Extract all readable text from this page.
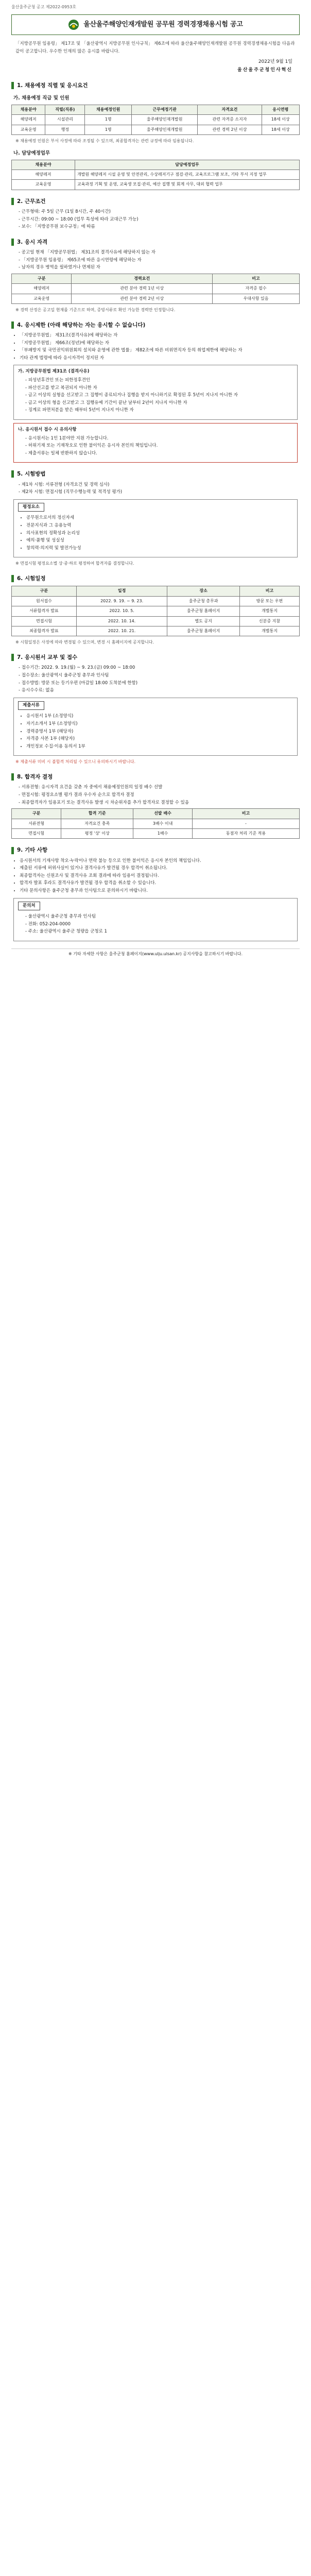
울산울주군청 공고 제2022-0953호
울산울주해양인재개발원 공무원 경력경쟁채용시험 공고

「지방공무원 임용령」 제17조 및 「울산광역시 지방공무원 인사규칙」 제6조에 따라 울산울주해양인재개발원 공무원 경력경쟁채용시험을 다음과 같이 공고합니다. 우수한 인재의 많은 응시를 바랍니다.

2022년 9월 1일
울산울주군청인사혁신
1. 채용예정 직렬 및 응시요건
가. 채용예정 직급 및 인원
채용분야	직렬(직류)	채용예정인원	근무예정기관	자격요건	응시연령
해양레저	시설관리	1명	울주해양인재개발원	관련 자격증 소지자	18세 이상
교육운영	행정	1명	울주해양인재개발원	관련 경력 2년 이상	18세 이상

※ 채용예정 인원은 부서 사정에 따라 조정될 수 있으며, 최종합격자는 관련 규정에 따라 임용됩니다.

나. 담당예정업무
채용분야	담당예정업무
해양레저	개발원 해양레저 시설 운영 및 안전관리, 수상레저기구 점검·관리, 교육프로그램 보조, 기타 부서 지정 업무
교육운영	교육과정 기획 및 운영, 교육생 모집·관리, 예산 집행 및 회계 사무, 대외 협력 업무
2. 근무조건
- 근무형태: 주 5일 근무 (1일 8시간, 주 40시간)
- 근무시간: 09:00 ~ 18:00 (업무 특성에 따라 교대근무 가능)
- 보수: 「지방공무원 보수규정」에 따름
3. 응시 자격
- 공고일 현재 「지방공무원법」 제31조의 결격사유에 해당하지 않는 자
- 「지방공무원 임용령」 제65조에 따른 응시연령에 해당하는 자
- 남자의 경우 병역을 필하였거나 면제된 자
구분	경력요건	비고
해양레저	관련 분야 경력 1년 이상	자격증 필수
교육운영	관련 분야 경력 2년 이상	우대사항 있음

※ 경력 산정은 공고일 현재를 기준으로 하며, 증빙서류로 확인 가능한 경력만 인정합니다.

4. 응시제한 (아래 해당하는 자는 응시할 수 없습니다)
• 「지방공무원법」 제31조(결격사유)에 해당하는 자
• 「지방공무원법」 제66조(정년)에 해당하는 자
• 「부패방지 및 국민권익위원회의 설치와 운영에 관한 법률」 제82조에 따른 비위면직자 등의 취업제한에 해당하는 자
• 기타 관계 법령에 따라 응시자격이 정지된 자
가. 지방공무원법 제31조 (결격사유)
- 피성년후견인 또는 피한정후견인
- 파산선고를 받고 복권되지 아니한 자
- 금고 이상의 실형을 선고받고 그 집행이 종료되거나 집행을 받지 아니하기로 확정된 후 5년이 지나지 아니한 자
- 금고 이상의 형을 선고받고 그 집행유예 기간이 끝난 날부터 2년이 지나지 아니한 자
- 징계로 파면처분을 받은 때부터 5년이 지나지 아니한 자
나. 응시원서 접수 시 유의사항
- 응시원서는 1인 1분야만 지원 가능합니다.
- 허위기재 또는 기재착오로 인한 불이익은 응시자 본인의 책임입니다.
- 제출서류는 일체 반환하지 않습니다.
5. 시험방법
- 제1차 시험: 서류전형 (자격요건 및 경력 심사)
- 제2차 시험: 면접시험 (직무수행능력 및 적격성 평가)
평정요소
• 공무원으로서의 정신자세
• 전문지식과 그 응용능력
• 의사표현의 정확성과 논리성
• 예의·품행 및 성실성
• 창의력·의지력 및 발전가능성

※ 면접시험 평정요소별 상·중·하로 평정하여 합격자를 결정합니다.

6. 시험일정
구분	일정	장소	비고
원서접수	2022. 9. 19. ~ 9. 23.	울주군청 총무과	방문 또는 우편
서류합격자 발표	2022. 10. 5.	울주군청 홈페이지	개별통지
면접시험	2022. 10. 14.	별도 공지	신분증 지참
최종합격자 발표	2022. 10. 21.	울주군청 홈페이지	개별통지

※ 시험일정은 사정에 따라 변경될 수 있으며, 변경 시 홈페이지에 공지합니다.

7. 응시원서 교부 및 접수
- 접수기간: 2022. 9. 19.(월) ~ 9. 23.(금) 09:00 ~ 18:00
- 접수장소: 울산광역시 울주군청 총무과 인사팀
- 접수방법: 방문 또는 등기우편 (마감일 18:00 도착분에 한함)
- 응시수수료: 없음
제출서류
• 응시원서 1부 (소정양식)
• 자기소개서 1부 (소정양식)
• 경력증명서 1부 (해당자)
• 자격증 사본 1부 (해당자)
• 개인정보 수집·이용 동의서 1부

※ 제출서류 미비 시 불합격 처리될 수 있으니 유의하시기 바랍니다.

8. 합격자 결정
- 서류전형: 응시자격 요건을 갖춘 자 중에서 채용예정인원의 일정 배수 선발
- 면접시험: 평정요소별 평가 결과 우수자 순으로 합격자 결정
- 최종합격자가 임용포기 또는 결격사유 발생 시 차순위자를 추가 합격자로 결정할 수 있음
구분	합격 기준	선발 배수	비고
서류전형	자격요건 충족	3배수 이내	-
면접시험	평정 '상' 이상	1배수	동점자 처리 기준 적용
9. 기타 사항
• 응시원서의 기재사항 착오·누락이나 연락 불능 등으로 인한 불이익은 응시자 본인의 책임입니다.
• 제출된 서류에 허위사실이 있거나 결격사유가 발견될 경우 합격이 취소됩니다.
• 최종합격자는 신원조사 및 결격사유 조회 결과에 따라 임용이 결정됩니다.
• 합격자 발표 후라도 결격사유가 발견될 경우 합격을 취소할 수 있습니다.
• 기타 문의사항은 울주군청 총무과 인사팀으로 문의하시기 바랍니다.
문의처
- 울산광역시 울주군청 총무과 인사팀
- 전화: 052-204-0000
- 주소: 울산광역시 울주군 청량읍 군청로 1
※ 기타 자세한 사항은 울주군청 홈페이지(www.ulju.ulsan.kr) 공지사항을 참고하시기 바랍니다.
